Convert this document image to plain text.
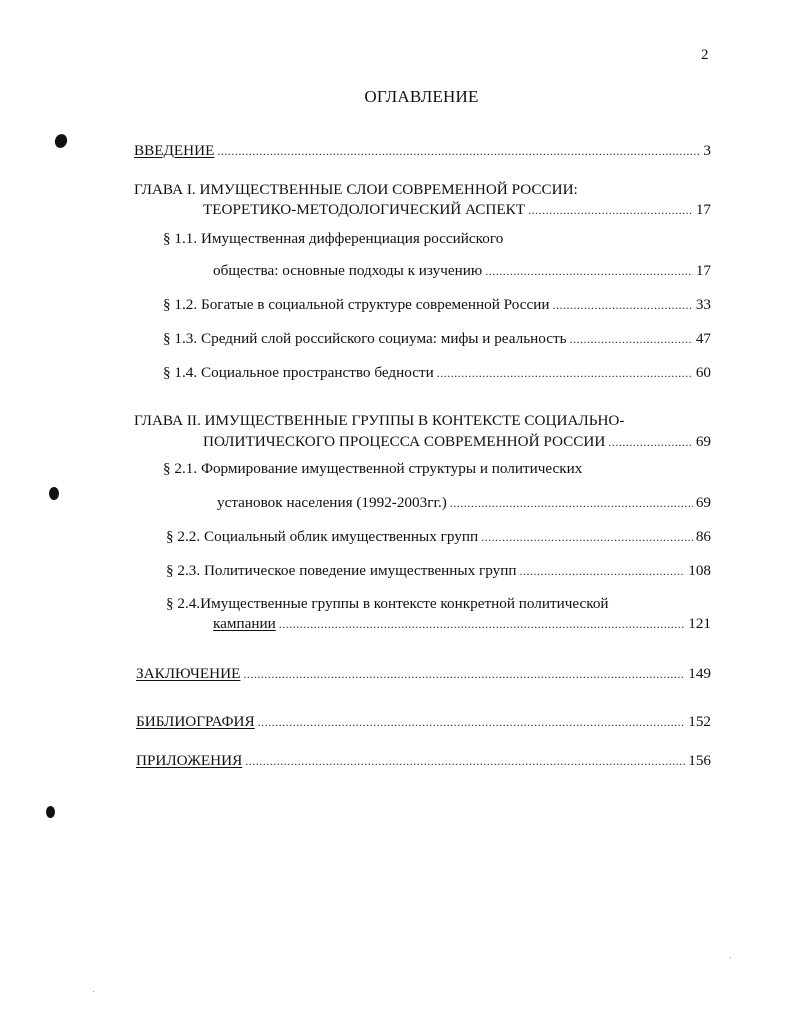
2
ОГЛАВЛЕНИЕ
ВВЕДЕНИЕ .....	3
ГЛАВА I. ИМУЩЕСТВЕННЫЕ СЛОИ СОВРЕМЕННОЙ РОССИИ:
ТЕОРЕТИКО-МЕТОДОЛОГИЧЕСКИЙ АСПЕКТ .....	17
§ 1.1. Имущественная дифференциация российского
общества: основные подходы к изучению .....	17
§ 1.2. Богатые в социальной структуре современной России .....	33
§ 1.3. Средний слой российского социума: мифы и реальность .....	47
§ 1.4. Социальное пространство бедности .....	60
ГЛАВА II. ИМУЩЕСТВЕННЫЕ ГРУППЫ В КОНТЕКСТЕ СОЦИАЛЬНО-
ПОЛИТИЧЕСКОГО ПРОЦЕССА СОВРЕМЕННОЙ РОССИИ .....	69
§ 2.1. Формирование имущественной структуры и политических
установок населения (1992-2003гг.) .....	69
§ 2.2. Социальный облик имущественных групп .....	86
§ 2.3. Политическое поведение имущественных групп .....	108
§ 2.4.Имущественные группы в контексте конкретной политической
кампании .....	121
ЗАКЛЮЧЕНИЕ .....	149
БИБЛИОГРАФИЯ .....	152
ПРИЛОЖЕНИЯ .....	156
